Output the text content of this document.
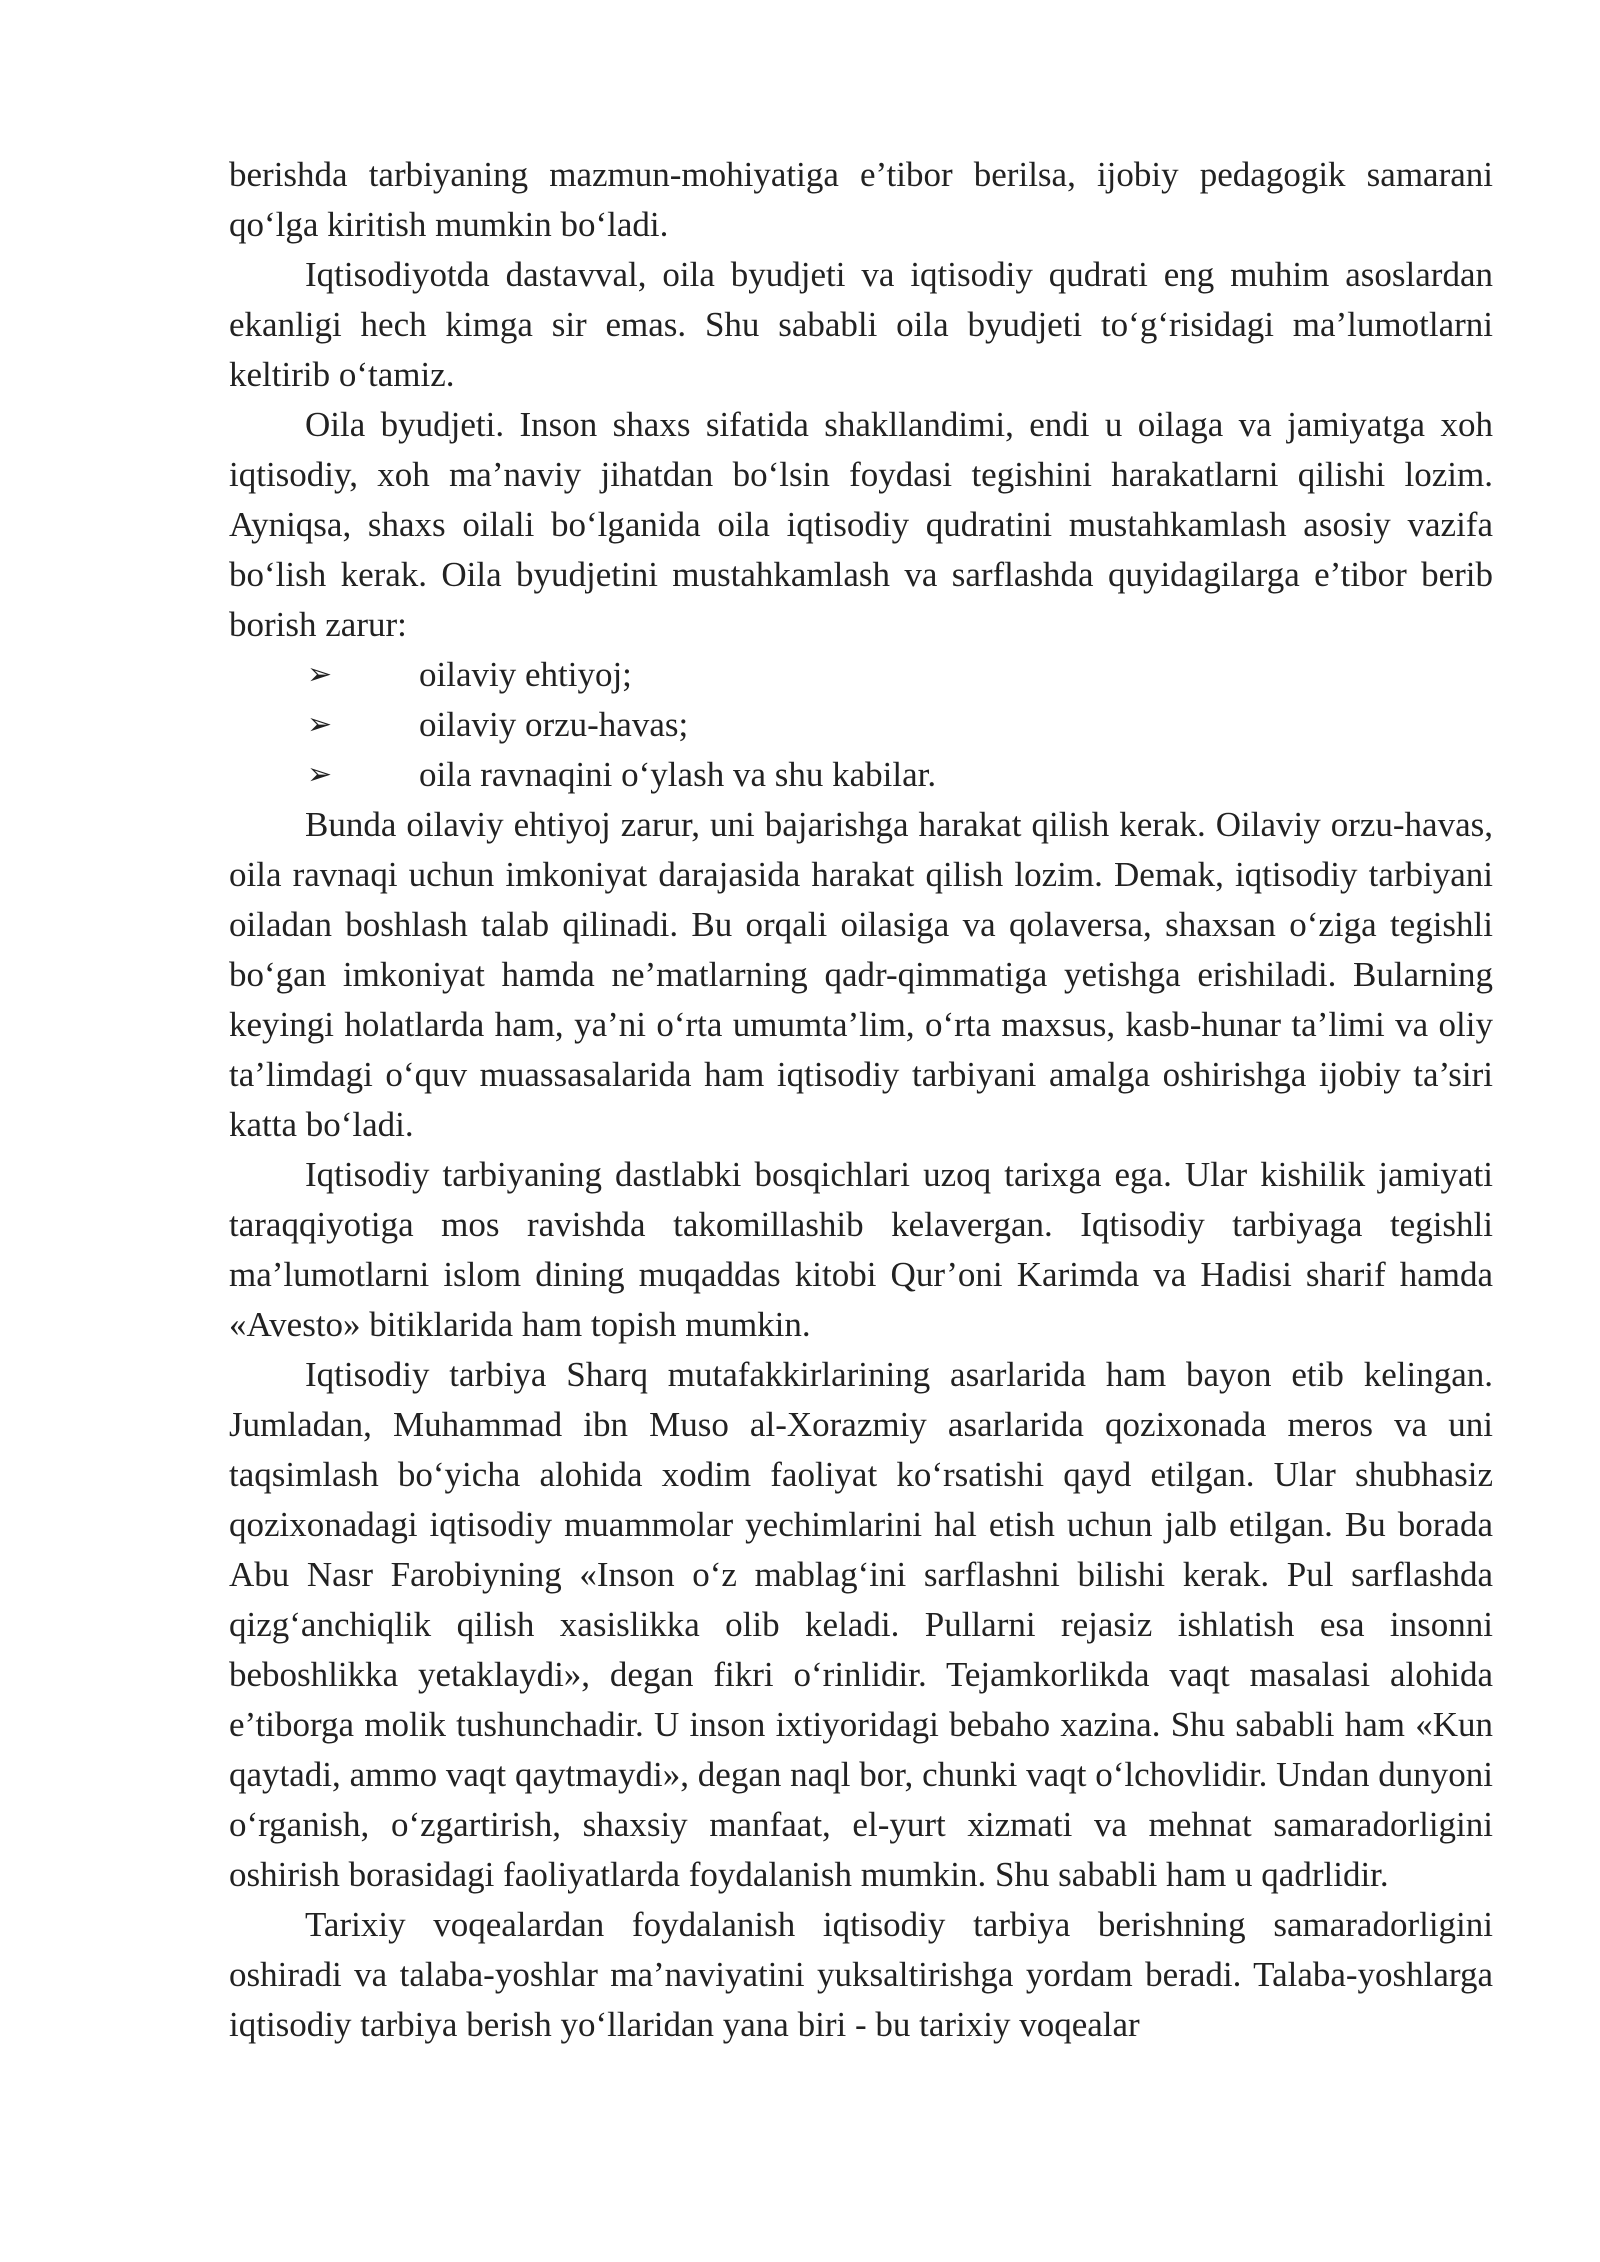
berishda tarbiyaning mazmun-mohiyatiga e’tibor berilsa, ijobiy pedagogik samarani qo‘lga kiritish mumkin bo‘ladi.

Iqtisodiyotda dastavval, oila byudjeti va iqtisodiy qudrati eng muhim asoslardan ekanligi hech kimga sir emas. Shu sababli oila byudjeti to‘g‘risidagi ma’lumotlarni keltirib o‘tamiz.

Oila byudjeti. Inson shaxs sifatida shakllandimi, endi u oilaga va jamiyatga xoh iqtisodiy, xoh ma’naviy jihatdan bo‘lsin foydasi tegishini harakatlarni qilishi lozim. Ayniqsa, shaxs oilali bo‘lganida oila iqtisodiy qudratini mustahkamlash asosiy vazifa bo‘lish kerak. Oila byudjetini mustahkamlash va sarflashda quyidagilarga e’tibor berib borish zarur:

➢ oilaviy ehtiyoj;
➢ oilaviy orzu-havas;
➢ oila ravnaqini o‘ylash va shu kabilar.

Bunda oilaviy ehtiyoj zarur, uni bajarishga harakat qilish kerak. Oilaviy orzu-havas, oila ravnaqi uchun imkoniyat darajasida harakat qilish lozim. Demak, iqtisodiy tarbiyani oiladan boshlash talab qilinadi. Bu orqali oilasiga va qolaversa, shaxsan o‘ziga tegishli bo‘gan imkoniyat hamda ne’matlarning qadr-qimmatiga yetishga erishiladi. Bularning keyingi holatlarda ham, ya’ni o‘rta umumta’lim, o‘rta maxsus, kasb-hunar ta’limi va oliy ta’limdagi o‘quv muassasalarida ham iqtisodiy tarbiyani amalga oshirishga ijobiy ta’siri katta bo‘ladi.

Iqtisodiy tarbiyaning dastlabki bosqichlari uzoq tarixga ega. Ular kishilik jamiyati taraqqiyotiga mos ravishda takomillashib kelavergan. Iqtisodiy tarbiyaga tegishli ma’lumotlarni islom dining muqaddas kitobi Qur’oni Karimda va Hadisi sharif hamda «Avesto» bitiklarida ham topish mumkin.

Iqtisodiy tarbiya Sharq mutafakkirlarining asarlarida ham bayon etib kelingan. Jumladan, Muhammad ibn Muso al-Xorazmiy asarlarida qozixonada meros va uni taqsimlash bo‘yicha alohida xodim faoliyat ko‘rsatishi qayd etilgan. Ular shubhasiz qozixonadagi iqtisodiy muammolar yechimlarini hal etish uchun jalb etilgan. Bu borada Abu Nasr Farobiyning «Inson o‘z mablag‘ini sarflashni bilishi kerak. Pul sarflashda qizg‘anchiqlik qilish xasislikka olib keladi. Pullarni rejasiz ishlatish esa insonni beboshlikka yetaklaydi», degan fikri o‘rinlidir. Tejamkorlikda vaqt masalasi alohida e’tiborga molik tushunchadir. U inson ixtiyoridagi bebaho xazina. Shu sababli ham «Kun qaytadi, ammo vaqt qaytmaydi», degan naql bor, chunki vaqt o‘lchovlidir. Undan dunyoni o‘rganish, o‘zgartirish, shaxsiy manfaat, el-yurt xizmati va mehnat samaradorligini oshirish borasidagi faoliyatlarda foydalanish mumkin. Shu sababli ham u qadrlidir.

Tarixiy voqealardan foydalanish iqtisodiy tarbiya berishning samaradorligini oshiradi va talaba-yoshlar ma’naviyatini yuksaltirishga yordam beradi. Talaba-yoshlarga iqtisodiy tarbiya berish yo‘llaridan yana biri - bu tarixiy voqealar
